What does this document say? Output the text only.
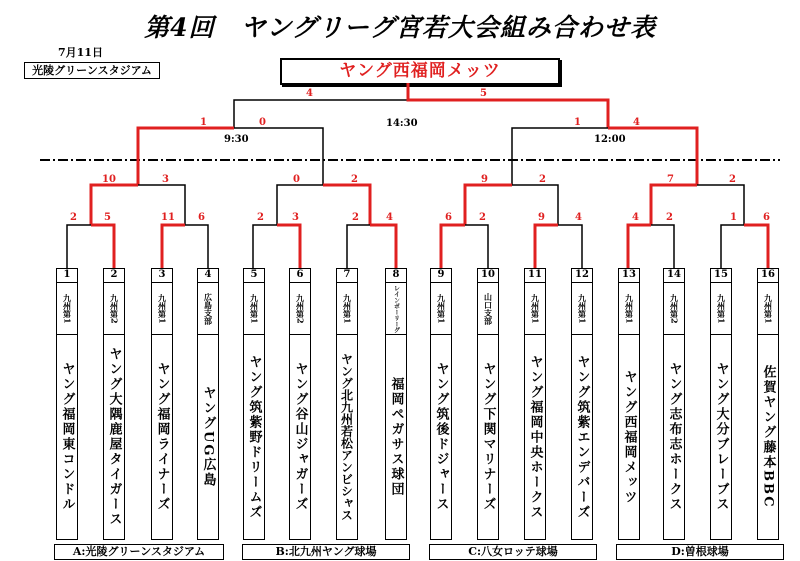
第4回　ヤングリーグ宮若大会組み合わせ表
7月11日
光陵グリーンスタジアム	ヤング西福岡メッツ
9:30
14:30
12:00
4	5
1	0	1	4
10	3	0	2	9	2	7	2
2	5	11 6	2	3	2	4	6	2	9	4	4	2	1	6
1
九州第1
ヤング福岡東コンドル
2
九州第2
ヤング大隅鹿屋タイガース
3
九州第1
ヤング福岡ライナーズ
4
広島支部
ヤングUG広島
5
九州第1
ヤング筑紫野ドリームズ
6
九州第2
ヤング谷山ジャガーズ
7
九州第1
ヤング北九州若松アンビシャス
8
レインボーリーグ
福岡ペガサス球団
9
九州第1
ヤング筑後ドジャース
10
山口支部
ヤング下関マリナーズ
11
九州第1
ヤング福岡中央ホークス
12
九州第1
ヤング筑紫エンデバーズ
13
九州第1
ヤング西福岡メッツ
14
九州第2
ヤング志布志ホークス
15
九州第1
ヤング大分ブレーブス
16
九州第1
佐賀ヤング藤本BBC
A:光陵グリーンスタジアム	B:北九州ヤング球場	C:八女ロッテ球場	D:曽根球場
